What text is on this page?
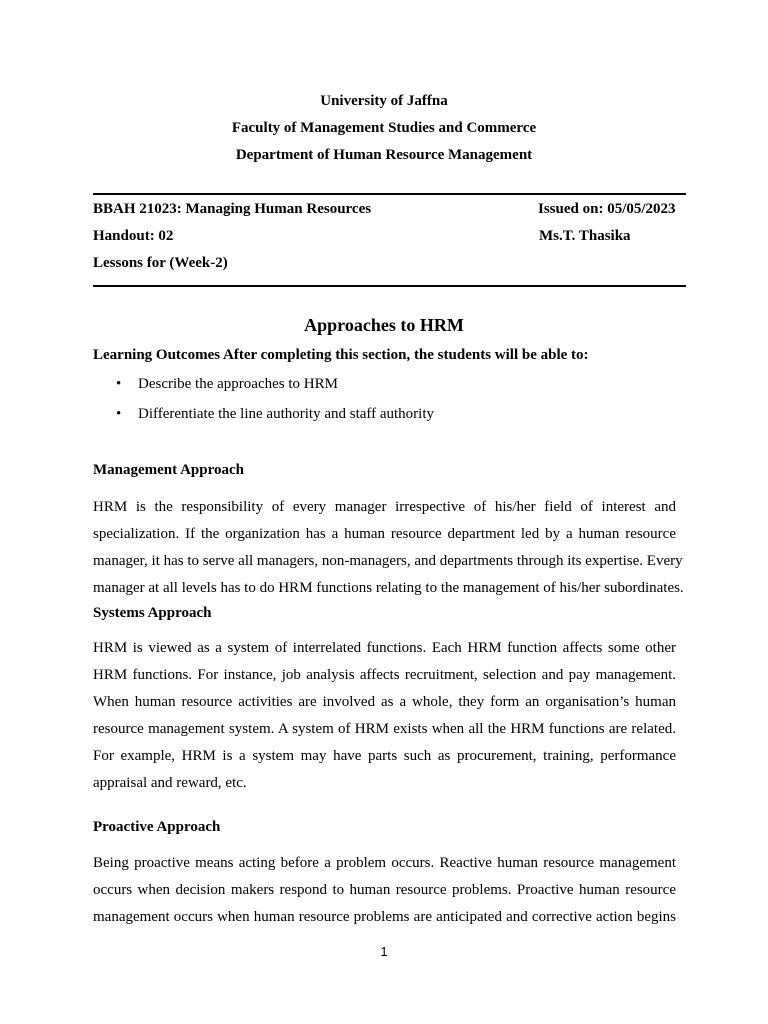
University of Jaffna
Faculty of Management Studies and Commerce
Department of Human Resource Management
BBAH 21023: Managing Human Resources	Issued on: 05/05/2023
Handout: 02	Ms.T. Thasika
Lessons for (Week-2)
Approaches to HRM
Learning Outcomes After completing this section, the students will be able to:
• Describe the approaches to HRM
• Differentiate the line authority and staff authority
Management Approach
HRM is the responsibility of every manager irrespective of his/her field of interest and
specialization. If the organization has a human resource department led by a human resource
manager, it has to serve all managers, non-managers, and departments through its expertise. Every
manager at all levels has to do HRM functions relating to the management of his/her subordinates.
Systems Approach
HRM is viewed as a system of interrelated functions. Each HRM function affects some other
HRM functions. For instance, job analysis affects recruitment, selection and pay management.
When human resource activities are involved as a whole, they form an organisation’s human
resource management system. A system of HRM exists when all the HRM functions are related.
For example, HRM is a system may have parts such as procurement, training, performance
appraisal and reward, etc.
Proactive Approach
Being proactive means acting before a problem occurs. Reactive human resource management
occurs when decision makers respond to human resource problems. Proactive human resource
management occurs when human resource problems are anticipated and corrective action begins
1
